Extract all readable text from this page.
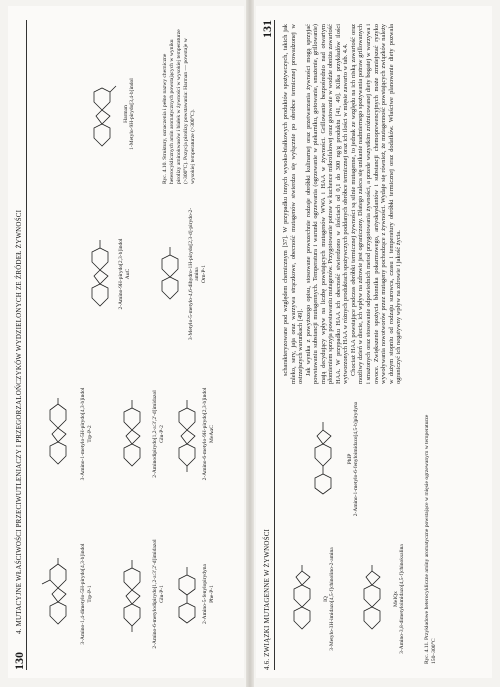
130
4. MUTACYJNE WŁAŚCIWOŚCI PRZECIWUTLENIACZY I PRZEGORZALOŃCZYKÓW WYDZIELONYCH ZE ŹRÓDEŁ ŻYWNOŚCI	3-Amino-1,4-dimetylo-5H-pirydo[4,3-b]indol Trp-P-1	2-Amino-6-metylodipirydo[1,2-a:3',2'-d]imidazol Glu-P-1	2-Amino-5-fenylopirydyna Phe-P-1
3-Amino-1-metylo-5H-pirydo[4,3-b]indol Trp-P-2	2-Aminodipirydo[1,2-a:3',2'-d]imidazol Glu-P-2	2-Amino-6-metylo-9H-pirydo[2,3-b]indol MeAαC
2-Amino-9H-pirydo[2,3-b]indol AαC	3-Metylo-5-metylo-4,6-dihydro-1H-pirydo[2,3-d]-pirydo-2-amina Orn-P-1
Harman 1-Metylo-9H-pirydo[3,4-b]indol	Ryc. 4.10. Struktury, oznaczenia i pełne nazwy chemiczne heterocyklicznych amin aromatycznych powstających w wyniku pirolizy aminokwasów i białek w żywności w wysokiej temperaturze (>300°C). Pozycja pirolizy powstawania: Harman — powstaje w wysokiej temperaturze (>300°C).
4.6. ZWIĄZKI MUTAGENNE W ŻYWNOŚCI
131
IQ 3-Metylo-3H-imidazo[4,5-f]chinolino-2-amina	MeIQx 3-Amino-3,8-dimetyloimidazo[4,5-f]chinoksalina
PhIP 2-Amino-1-metylo-6-fenyloimidazo[4,5-b]pirydyna	Ryc. 4.11. Przykładowe heterocykliczne aminy aromatyczne powstające w mięsie ogrzewanym w temperaturze 150–300°C

scharakteryzowane pod względem chemicznym [37]. W przypadku innych wysoko-białkowych produktów spożywczych, takich jak mleko, sery, jaja oraz warzywa strączkowe, obecność mutagenów stwierdza się wyłącznie po obróbce termicznej prowadzonej w ostrzejszych warunkach [49]. Jak wynika z powyższego opisu, stosowane powszechnie rodzaje obróbki kulinarnej oraz przetwarzania żywności mogą sprzyjać powstawaniu substancji mutagennych. Temperatura i warunki ogrzewania (ogrzewanie w piekarniku, gotowanie, smażenie, grillowanie) mają decydujący wpływ na liczbę powstających mutagenów WWA i HAA w żywności. Grillowanie bezpośrednio nad otwartym płomieniem sprzyja powstawaniu mutagenów. Przygotowanie potraw w kuchence mikrofalowej oraz gotowanie w wodzie obniża zawartość HAA. W przypadku HAA ich obecność stwierdzono w ilościach od 0,1 do 300 ng/g produktu [41, 49]. Kilka przykładów ilości wytworzonych HAA w różnych produktach spożywczych poddanych obróbce termicznej oraz ich ilości w mięsie zawarto w tab. 4.4. Chociaż HAA powstające podczas obróbki termicznej żywności są silnie mutagenne, to jednak ze względu na ich niską zawartość oraz możliwy dzień w diecie, ich wpływ na zdrowie jest ograniczony. Dlatego zaleca się unikanie nadmiernego spożywania potraw grillowanych i smażonych oraz stosowanie odpowiednich metod przygotowania żywności, a przede wszystkim zróżnicowanej diety bogatej w warzywa i owoce. Zwiększenie spożycia błonnika pokarmowego, antyoksydantów i substancji chemoprewencyjnych może zmniejszać ryzyko wywoływania nowotworów przez mutageny pochodzące z żywności. Wydaje się również, że mutagenność powstających związków należy w dużym stopniu od rodzaju surowca, czasu i temperatury obróbki termicznej oraz dodatków. Właściwe planowanie diety pozwala ograniczyć ich negatywny wpływ na zdrowie i jakość życia.
